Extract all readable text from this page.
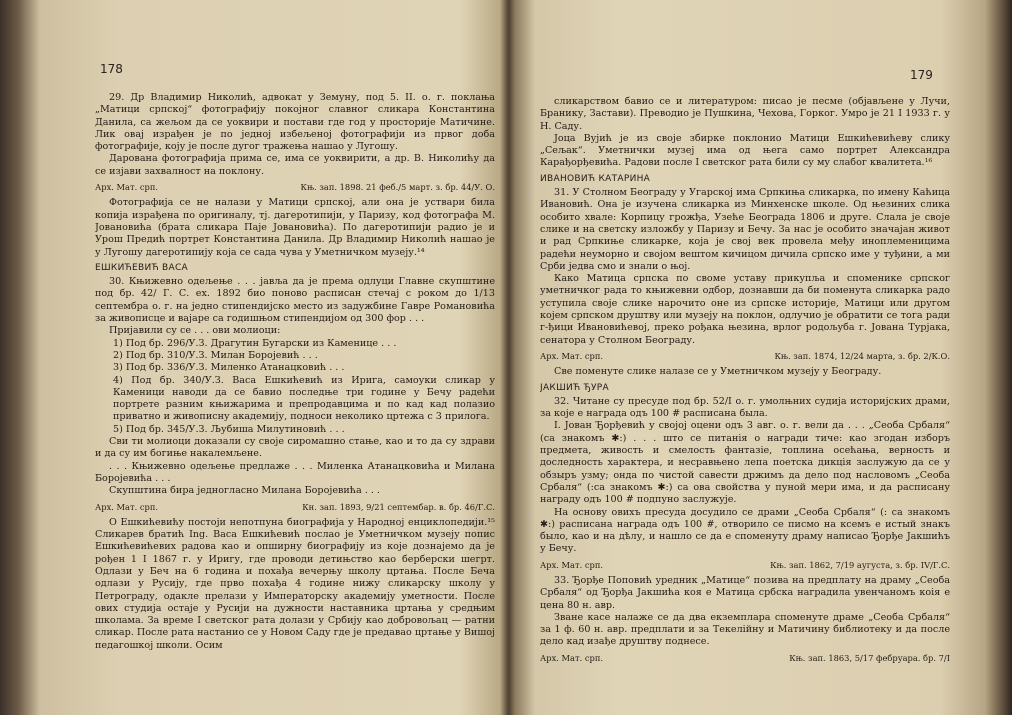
178

29. Др Владимир Николић, адвокат у Земуну, под 5. II. о. г. поклања „Матици српској“ фотографију покојног славног сликара Константина Данила, са жељом да се уоквири и постави где год у просторије Матичине. Лик овај израђен је по једној избељеној фотографији из првог доба фотографије, коју је после дугог тражења нашао у Лугошу.

Дарована фотографија прима се, има се уоквирити, а др. В. Николићу да се изјави захвалност на поклону.

Арх. Мат. срп.	Књ. зап. 1898. 21 феб./5 март. з. бр. 44/У. О.

Фотографија се не налази у Матици српској, али она је уствари била копија израђена по оригиналу, тј. дагеротипији, у Паризу, код фотографа М. Јовановића (брата сликара Паје Јовановића). По дагеротипији радио је и Урош Предић портрет Константина Данила. Др Владимир Николић нашао је у Лугошу дагеротипију која се сада чува у Уметничком музеју.¹⁴

ЕШКИЋЕВИЋ ВАСА

30. Књижевно одељење . . . јавља да је према одлуци Главне скупштине под бр. 42/ Г. С. ех. 1892 био поново расписан стечај с роком до 1/13 септембра о. г. на једно стипендијско место из задужбине Гавре Романовића за живописце и вајаре са годишњом стипендијом од 300 фор . . .

Пријавили су се . . . ови молиоци:

1) Под бр. 296/У.З. Драгутин Бугарски из Каменице . . .

2) Под бр. 310/У.З. Милан Боројевић . . .

3) Под бр. 336/У.З. Миленко Атанацковић . . .

4) Под бр. 340/У.З. Васа Ешкићевић из Ирига, самоуки сликар у Каменици наводи да се бавио последње три године у Бечу радећи портрете разним књижарима и препродавцима и по кад кад полазио приватно и живописну академију, подноси неколико цртежа с 3 прилога.

5) Под бр. 345/У.З. Љубиша Милутиновић . . .

Сви ти молиоци доказали су своје сиромашно стање, као и то да су здрави и да су им богиње накалемљене.

. . . Књижевно одељење предлаже . . . Миленка Атанацковића и Милана Боројевића . . .

Скупштина бира једногласно Милана Боројевића . . .

Арх. Мат. срп.	Кн. зап. 1893, 9/21 септембар. в. бр. 46/Г.С.

О Ешкићевићу постоји непотпуна биографија у Народној енциклопедији.¹⁵ Сликарев братић Ing. Васа Ешкићевић послао је Уметничком музеју попис Ешкићевићевих радова као и опширну биографију из које дознајемо да је рођен 1 I 1867 г. у Иригу, где проводи детињство као берберски шегрт. Одлази у Беч на 6 година и похађа вечерњу школу цртања. После Беча одлази у Русију, где прво похађа 4 године нижу сликарску школу у Петрограду, одакле прелази у Императорску академију уметности. После ових студија остаје у Русији на дужности наставника цртања у средњим школама. За време I светског рата долази у Србију као добровољац — ратни сликар. После рата настанио се у Новом Саду где је предавао цртање у Вишој педагошкој школи. Осим

179

сликарством бавио се и литературом: писао је песме (објављене у Лучи, Бранику, Застави). Преводио је Пушкина, Чехова, Горког. Умро је 21 I 1933 г. у Н. Саду.

Јоца Вујић је из своје збирке поклонио Матици Ешкићевићеву слику „Сељак“. Уметнички музеј има од њега само портрет Александра Карађорђевића. Радови после I светског рата били су му слабог квалитета.¹⁶

ИВАНОВИЋ КАТАРИНА

31. У Столном Београду у Угарској има Српкиња сликарка, по имену Каћица Ивановић. Она је изучена сликарка из Минхенске школе. Од њезиних слика особито хвале: Корпицу грожђа, Узеће Београда 1806 и друге. Слала је своје слике и на светску изложбу у Паризу и Бечу. За нас је особито значајан живот и рад Српкиње сликарке, која је свој век провела међу иноплеменицима радећи неуморно и својом вештом кичицом дичила српско име у туђини, а ми Срби једва смо и знали о њој.

Како Матица српска по своме уставу прикупља и споменике српског уметничког рада то књижевни одбор, дознавши да би поменута сликарка радо уступила своје слике нарочито оне из српске историје, Матици или другом којем српском друштву или музеју на поклон, одлучио је обратити се тога ради г-ђици Ивановићевој, преко рођака њезина, врлог родољуба г. Јована Турјака, сенатора у Столном Београду.

Арх. Мат. срп.	Књ. зап. 1874, 12/24 марта, з. бр. 2/К.О.

Све поменуте слике налазе се у Уметничком музеју у Београду.

ЈАКШИЋ ЂУРА

32. Читане су пресуде под бр. 52/I о. г. умолњних судија историјских драми, за које е награда одъ 100 # расписана была.

I. Јован Ђорђевић у својој оцени одъ 3 авг. о. г. вели да . . . „Сеоба Србаля“ (са знакомъ ✱:) . . . што се питанія о награди тиче: као згодан изборъ предмета, живость и смелость фантазіе, топлина осећања, верность и доследность характера, и несравњено лепа поетска дикція заслужую да се у обзыръ узму; онда по чистой савести држимъ да дело под насловомъ „Сеоба Србаля“ (:са знакомъ ✱:) са ова свойства у пуной мери има, и да расписану награду одъ 100 # подпуно заслужује.

На основу овихъ пресуда досудило се драми „Сеоба Србаля“ (: са знакомъ ✱:) расписана награда одъ 100 #, отворило се писмо на ксемъ е истый знакъ было, као и на дѣлу, и нашло се да е споменуту драму написао Ђорђе Јакшићъ у Бечу.

Арх. Мат. срп.	Књ. зап. 1862, 7/19 аугуста, з. бр. IV/Г.С.

33. Ђорђе Поповић уредник „Матице“ позива на предплату на драму „Сеоба Србаля“ од Ђорђа Јакшића коя е Матица србска наградила увенчаномъ коія е цена 80 н. авр.

Зване касе налаже се да два екземплара споменуте драме „Сеоба Србаля“ за 1 ф. 60 н. авр. предплати и за Текелійну и Матичину библиотеку и да после дело кад изађе друштву поднесе.

Арх. Мат. срп.	Књ. зап. 1863, 5/17 фебруара. бр. 7/I
